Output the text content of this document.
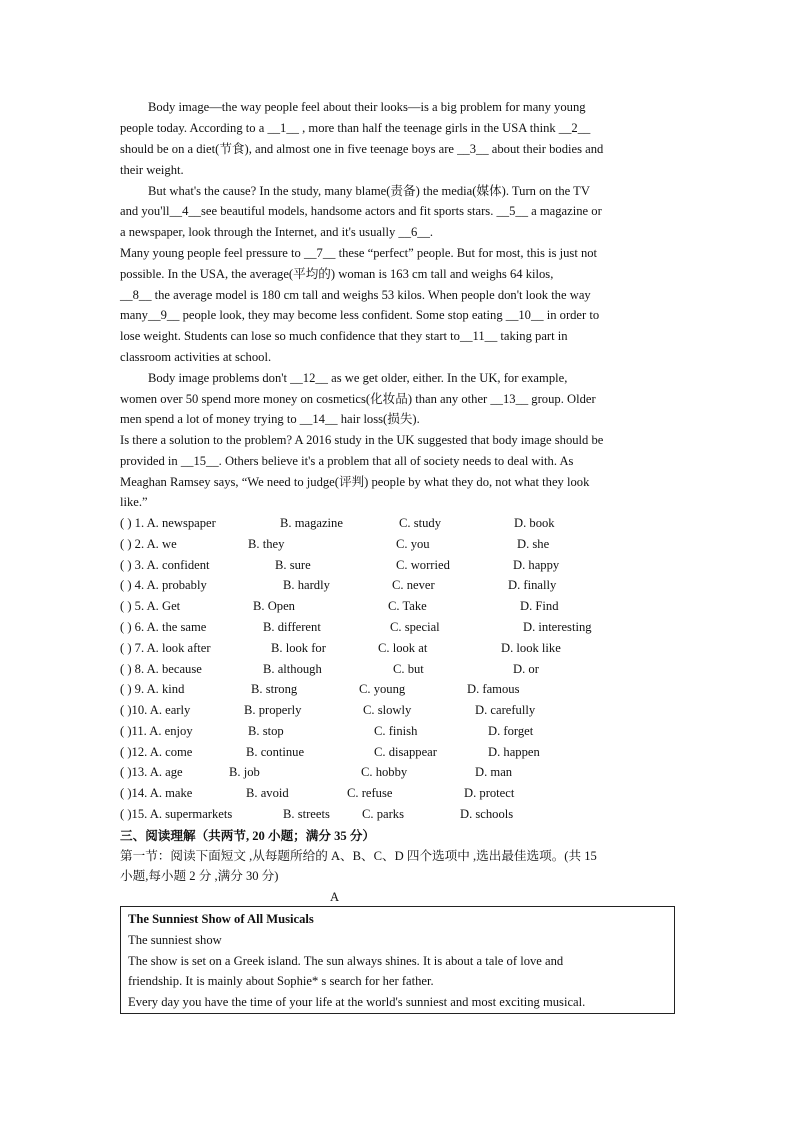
Body image—the way people feel about their looks—is a big problem for many young
people today. According to a __1__ , more than half the teenage girls in the USA think __2__
should be on a diet(节食), and almost one in five teenage boys are __3__ about their bodies and
their weight.
But what's the cause? In the study, many blame(责备) the media(媒体). Turn on the TV
and you'll__4__see beautiful models, handsome actors and fit sports stars. __5__ a magazine or
a newspaper, look through the Internet, and it's usually __6__.
Many young people feel pressure to __7__ these “perfect” people. But for most, this is just not
possible. In the USA, the average(平均的) woman is 163 cm tall and weighs 64 kilos,
__8__ the average model is 180 cm tall and weighs 53 kilos. When people don't look the way
many__9__ people look, they may become less confident. Some stop eating __10__ in order to
lose weight. Students can lose so much confidence that they start to__11__ taking part in
classroom activities at school.
Body image problems don't __12__ as we get older, either. In the UK, for example,
women over 50 spend more money on cosmetics(化妆品) than any other __13__ group. Older
men spend a lot of money trying to __14__ hair loss(损失).
Is there a solution to the problem? A 2016 study in the UK suggested that body image should be
provided in __15__. Others believe it's a problem that all of society needs to deal with. As
Meaghan Ramsey says, “We need to judge(评判) people by what they do, not what they look
like.”
( ) 1. A. newspaper	B. magazine	C. study	D. book
( ) 2. A. we	B. they	C. you	D. she
( ) 3. A. confident	B. sure	C. worried	D. happy
( ) 4. A. probably	B. hardly	C. never	D. finally
( ) 5. A. Get	B. Open	C. Take	D. Find
( ) 6. A. the same	B. different	C. special	D. interesting
( ) 7. A. look after	B. look for	C. look at	D. look like
( ) 8. A. because	B. although	C. but	D. or
( ) 9. A. kind	B. strong	C. young	D. famous
( )10. A. early	B. properly	C. slowly	D. carefully
( )11. A. enjoy	B. stop	C. finish	D. forget
( )12. A. come	B. continue	C. disappear	D. happen
( )13. A. age	B. job	C. hobby	D. man
( )14. A. make	B. avoid	C. refuse	D. protect
( )15. A. supermarkets	B. streets	C. parks	D. schools
三、阅读理解（共两节, 20 小题；满分 35 分）
第一节：阅读下面短文 ,从每题所给的 A、B、C、D 四个选项中 ,选出最佳选项。(共 15
小题,每小题 2 分 ,满分 30 分)
A
The Sunniest Show of All Musicals
The sunniest show
The show is set on a Greek island. The sun always shines. It is about a tale of love and
friendship. It is mainly about Sophie* s search for her father.
Every day you have the time of your life at the world's sunniest and most exciting musical.
